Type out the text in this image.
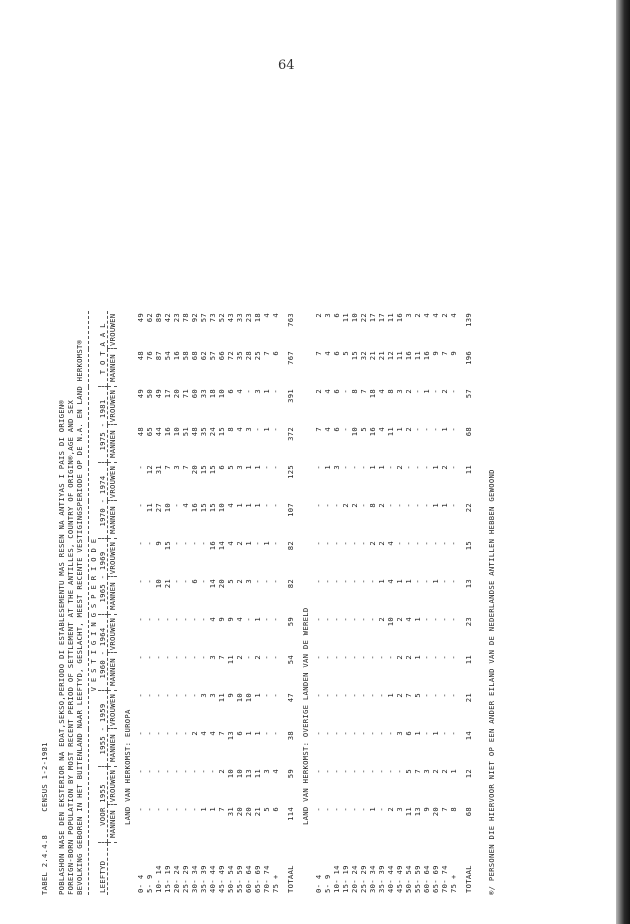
64
TABEL 2.4.4.8     CENSUS 1-2-1981 POBLASHON NASE DEN EKSTERIOR NA EDAT,SEKSO,PERIODO DI ESTABLESEMENTU MAS RESEN NA ANTIYAS I PAIS DI ORIGEN® FOREIGN-BORN POPULATION BY MOST RECENT PERIOD OF SETTLEMENT AT THE ANTILLES, COUNTRY OF ORIGIN®,AGE AND SEX BEVOLKING GEBOREN IN HET BUITENLAND NAAR LEEFTYD, GESLACHT, MEEST RECENTE VESTIGINGSPERIODE OP DE N.A. EN LAND HERKOMST®
	V E S T I G I N G S P E R I O D E													
LEEFTYD	VOOR 1955		1955 - 1959		1960 - 1964		1965 - 1969		1970 - 1974		1975 - 1981		T O T A A L	
	MANNEN	VROUWEN	MANNEN	VROUWEN	MANNEN	VROUWEN	MANNEN	VROUWEN	MANNEN	VROUWEN	MANNEN	VROUWEN	MANNEN	VROUWEN
LAND VAN HERKOMST: EUROPA														
0- 4	-	-	-	-	-	-	-	-	-	-	48	49	48	49
5- 9	-	-	-	-	-	-	-	-	11	12	65	50	76	62
10- 14	-	-	-	-	-	-	10	9	27	31	44	49	87	89
15- 19	-	-	-	-	-	-	21	15	10	7	16	17	54	42
20- 24	-	-	-	-	-	-	-	-	-	3	10	20	16	23
25- 29	-	-	-	-	-	-	-	-	4	7	51	71	58	78
30- 34	-	-	2	-	-	-	6	-	16	20	48	60	68	92
35- 39	1	-	4	3	-	-	-	-	15	15	35	33	62	57
40- 44	1	-	4	3	3	4	14	16	15	15	24	18	57	73
45- 49	7	2	7	11	7	9	20	14	10	6	15	10	66	52
50- 54	31	10	13	9	11	9	5	4	4	5	8	6	72	43
55- 59	20	10	6	10	2	4	2	2	1	3	4	4	35	33
60- 64	20	13	1	10	-	-	3	1	1	1	3	-	28	23
65- 69	21	11	1	1	2	1	-	-	1	1	-	3	25	18
70- 74	5	3	-	-	-	-	-	1	-	-	1	1	7	4
75 +	6	4	-	-	-	-	-	-	-	-	-	-	6	4
TOTAAL	114	59	38	47	54	59	82	82	107	125	372	391	767	763
LAND VAN HERKOMST: OVERIGE LANDEN VAN DE WERELD														
0- 4	-	-	-	-	-	-	-	-	-	-	7	2	7	2
5- 9	-	-	-	-	-	-	-	-	-	1	4	4	4	3
10- 14	-	-	-	-	-	-	-	-	-	3	6	6	6	6
15- 19	-	-	-	-	-	-	-	-	2	-	-	-	5	11
20- 24	-	-	-	-	-	-	-	-	2	-	10	8	15	10
25- 29	-	-	-	-	-	-	-	-	-	-	5	7	32	22
30- 34	1	-	-	-	-	-	-	2	8	1	16	18	21	17
35- 39	-	-	-	-	-	2	1	2	2	1	4	4	21	17
40- 44	2	-	-	1	-	10	4	4	-	-	11	8	12	11
45- 49	3	-	3	2	2	2	1	-	-	2	1	3	11	16
50- 54	11	5	6	7	2	4	1	-	-	-	2	2	16	3
55- 59	13	7	1	5	1	1	-	-	-	-	-	-	11	2
60- 64	9	3	-	-	-	-	-	-	-	-	-	1	16	4
65- 69	20	2	1	-	-	-	1	-	1	1	-	-	9	4
70- 74	7	2	-	-	-	-	-	-	1	2	1	2	7	2
75 +	8	1	-	-	-	-	-	-	-	-	-	-	9	4
TOTAAL	68	12	14	21	11	23	13	15	22	11	68	57	196	139
®/ PERSONEN DIE HIERVOOR NIET OP EEN ANDER EILAND VAN DE NEDERLANDSE ANTILLEN HEBBEN GEWOOND
